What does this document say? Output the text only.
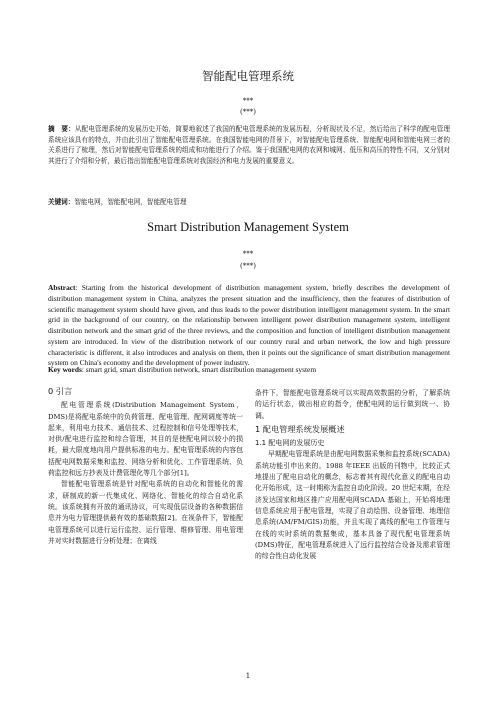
智能配电管理系统
***
(***)
摘　要：从配电管理系统的发展历史开始，简要地叙述了我国的配电管理系统的发展历程，分析现状及不足，然后给出了科学的配电管理系统应该具有的特点，并由此引出了智能配电管理系统。在我国智能电网的背景下，对智能配电管理系统、智能配电网和智能电网三者的关系进行了梳理，然后对智能配电管理系统的组成和功能进行了介绍。鉴于我国配电网的农网和城网、低压和高压的特性不同，又分别对其进行了介绍和分析，最后指出智能配电管理系统对我国经济和电力发展的重要意义。
关键词：智能电网，智能配电网，智能配电管理
Smart Distribution Management System
***
(***)
Abstract: Starting from the historical development of distribution management system, briefly describes the development of distribution management system in China, analyzes the present situation and the insufficiency, then the features of distribution of scientific management system should have given, and thus leads to the power distribution intelligent management system. In the smart grid in the background of our country, on the relationship between intelligent power distribution management system, intelligent distribution network and the smart grid of the three reviews, and the composition and function of intelligent distribution management system are introduced. In view of the distribution network of our country rural and urban network, the low and high pressure characteristic is different, it also introduces and analysis on them, then it points out the significance of smart distribution management system on China's economy and the development of power industry.
Key words: smart grid, smart distribution network, smart distribution management system

0 引言

配电管理系统(Distribution Management System，DMS)是将配电系统中的负荷管理、配电管理、配网调度等统一起来，利用电力技术、通信技术、过程控制和信号处理等技术，对供/配电进行监控和综合管理，其目的是使配电网以较小的损耗，最大限度地向用户提供标准的电力。配电管理系统的内容包括配电网数据采集和监控、网络分析和优化、工作管理系统、负荷监控和远方抄表及计费管理化等几个部分[1]。

智能配电管理系统是针对配电系统的自动化和智能化的需求，研制成的新一代集成化、网络化、智能化的综合自动化系统。该系统拥有开放的通讯协议，可实现低层设备的各种数据信息并为电力管理提供最有效的基础数据[2]。在视条件下，智能配电管理系统可以进行运行监控、运行管理、维修管理、用电管理并对实时数据进行分析处理；在离线

条件下，智能配电管理系统可以实现高效数据的分析，了解系统的运行状态，做出相应的指令，使配电网的运行做到统一、协调。

1 配电管理系统发展概述

1.1 配电网的发展历史

早期配电管理系统是由配电网数据采集和监控系统(SCADA)系统功能引申出来的。1988 年IEEE 出版的刊物中，比较正式地提出了配电自动化的概念，标志着其有现代化意义的配电自动化开始形成，这一时期称为监控自动化阶段。20 世纪末期，在经济发达国家和地区推广应用配电网SCADA 基础上，开始将地理信息系统应用于配电管理，实现了自动绘图、设备管理、地理信息系统(AM/FM/GIS)功能，并且实现了离线的配电工作管理与在线的实时系统的数据集成，基本具备了现代配电管理系统(DMS)特征，配电管理系统进入了远行监控结合设备及需求管理的综合性自动化发展

1
